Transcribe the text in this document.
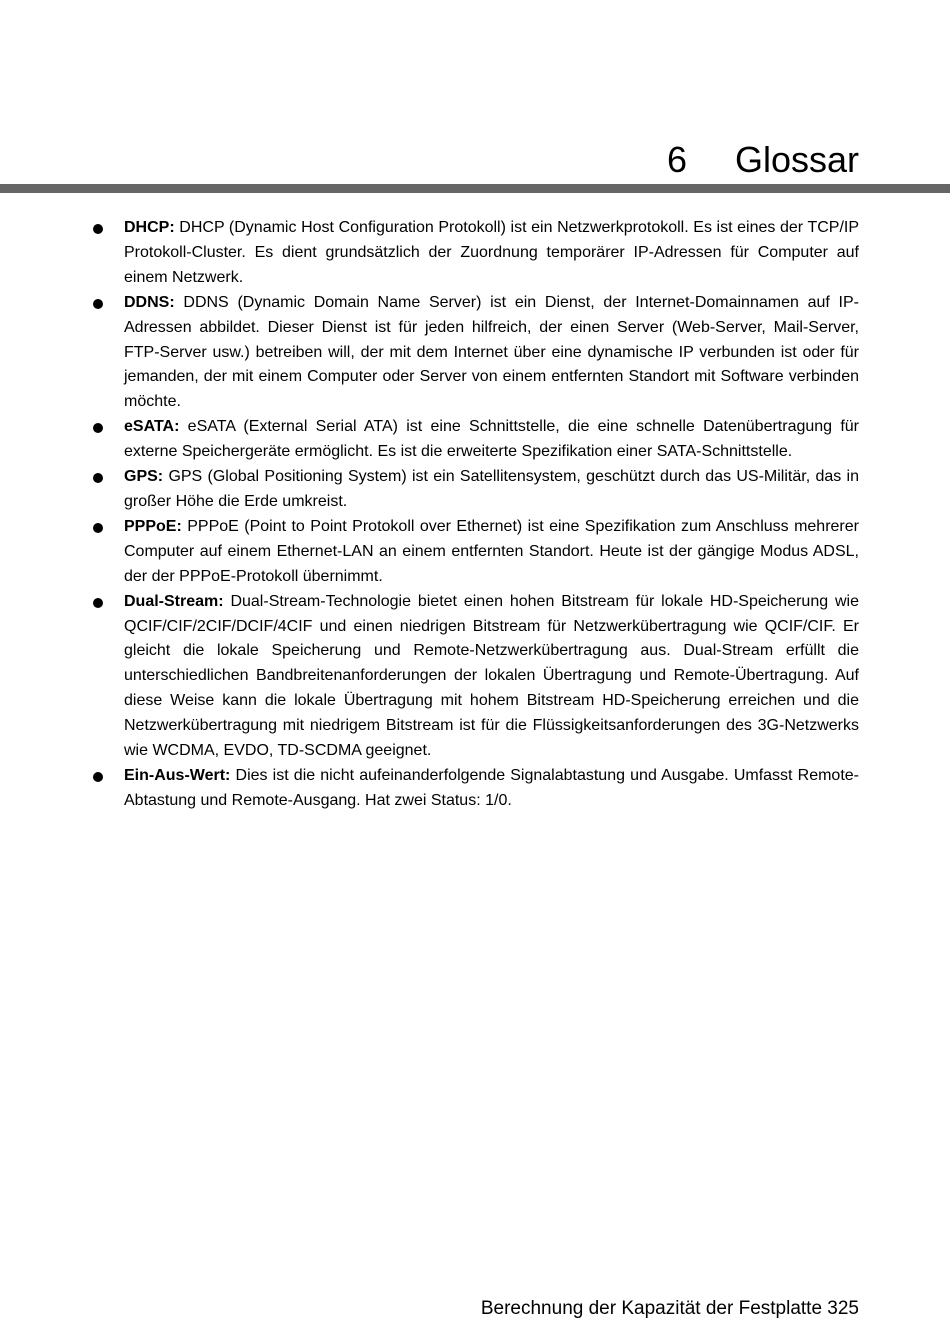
6 Glossar
DHCP: DHCP (Dynamic Host Configuration Protokoll) ist ein Netzwerkprotokoll. Es ist eines der TCP/IP Protokoll-Cluster. Es dient grundsätzlich der Zuordnung temporärer IP-Adressen für Computer auf einem Netzwerk.
DDNS: DDNS (Dynamic Domain Name Server) ist ein Dienst, der Internet-Domainnamen auf IP-Adressen abbildet. Dieser Dienst ist für jeden hilfreich, der einen Server (Web-Server, Mail-Server, FTP-Server usw.) betreiben will, der mit dem Internet über eine dynamische IP verbunden ist oder für jemanden, der mit einem Computer oder Server von einem entfernten Standort mit Software verbinden möchte.
eSATA: eSATA (External Serial ATA) ist eine Schnittstelle, die eine schnelle Datenübertragung für externe Speichergeräte ermöglicht. Es ist die erweiterte Spezifikation einer SATA-Schnittstelle.
GPS: GPS (Global Positioning System) ist ein Satellitensystem, geschützt durch das US-Militär, das in großer Höhe die Erde umkreist.
PPPoE: PPPoE (Point to Point Protokoll over Ethernet) ist eine Spezifikation zum Anschluss mehrerer Computer auf einem Ethernet-LAN an einem entfernten Standort. Heute ist der gängige Modus ADSL, der der PPPoE-Protokoll übernimmt.
Dual-Stream: Dual-Stream-Technologie bietet einen hohen Bitstream für lokale HD-Speicherung wie QCIF/CIF/2CIF/DCIF/4CIF und einen niedrigen Bitstream für Netzwerkübertragung wie QCIF/CIF. Er gleicht die lokale Speicherung und Remote-Netzwerkübertragung aus. Dual-Stream erfüllt die unterschiedlichen Bandbreitenanforderungen der lokalen Übertragung und Remote-Übertragung. Auf diese Weise kann die lokale Übertragung mit hohem Bitstream HD-Speicherung erreichen und die Netzwerkübertragung mit niedrigem Bitstream ist für die Flüssigkeitsanforderungen des 3G-Netzwerks wie WCDMA, EVDO, TD-SCDMA geeignet.
Ein-Aus-Wert: Dies ist die nicht aufeinanderfolgende Signalabtastung und Ausgabe. Umfasst Remote-Abtastung und Remote-Ausgang. Hat zwei Status: 1/0.
Berechnung der Kapazität der Festplatte 325
